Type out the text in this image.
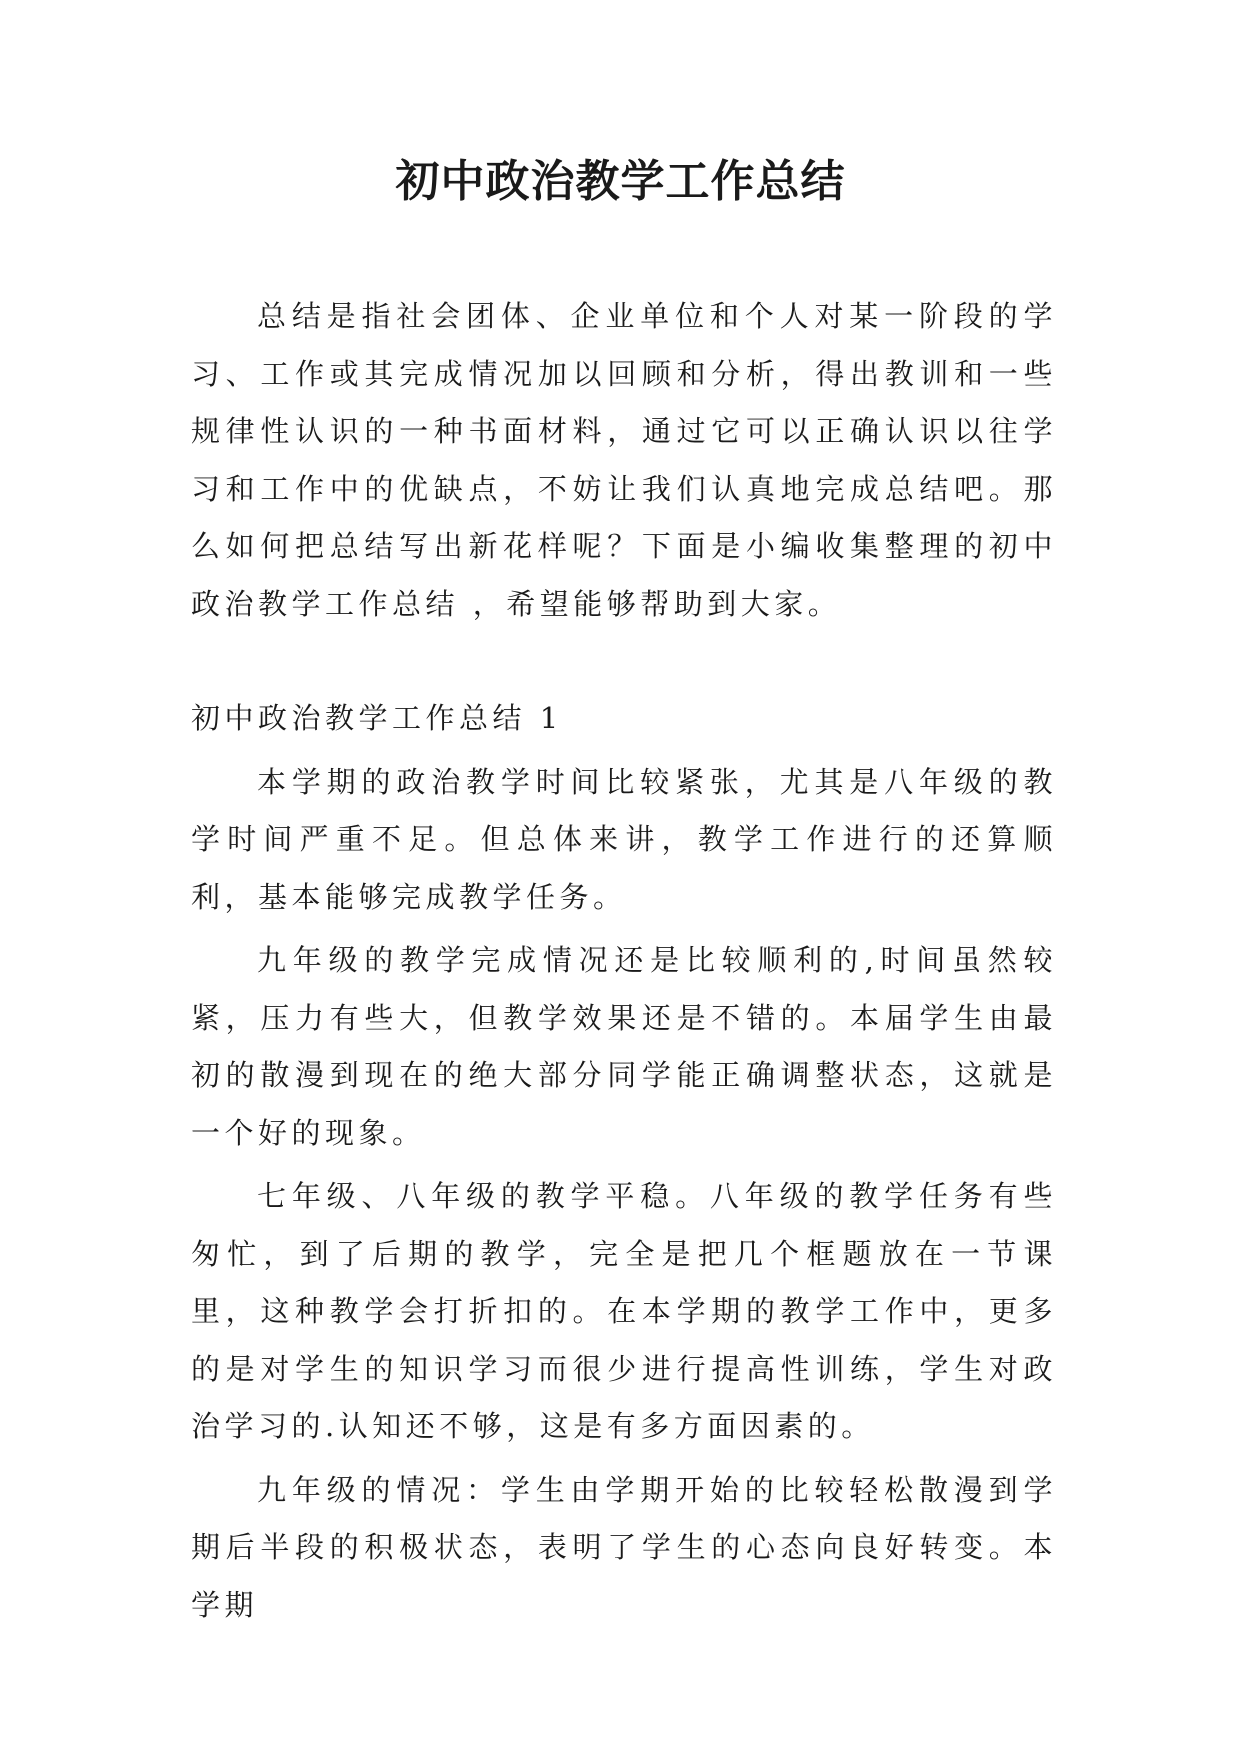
初中政治教学工作总结

总结是指社会团体、企业单位和个人对某一阶段的学习、工作或其完成情况加以回顾和分析，得出教训和一些规律性认识的一种书面材料，通过它可以正确认识以往学习和工作中的优缺点，不妨让我们认真地完成总结吧。那么如何把总结写出新花样呢？下面是小编收集整理的初中政治教学工作总结 ，希望能够帮助到大家。

初中政治教学工作总结 1

本学期的政治教学时间比较紧张，尤其是八年级的教学时间严重不足。但总体来讲，教学工作进行的还算顺利，基本能够完成教学任务。

九年级的教学完成情况还是比较顺利的,时间虽然较紧，压力有些大，但教学效果还是不错的。本届学生由最初的散漫到现在的绝大部分同学能正确调整状态，这就是一个好的现象。

七年级、八年级的教学平稳。八年级的教学任务有些匆忙，到了后期的教学，完全是把几个框题放在一节课里，这种教学会打折扣的。在本学期的教学工作中，更多的是对学生的知识学习而很少进行提高性训练，学生对政治学习的.认知还不够，这是有多方面因素的。

九年级的情况：学生由学期开始的比较轻松散漫到学期后半段的积极状态，表明了学生的心态向良好转变。本学期
